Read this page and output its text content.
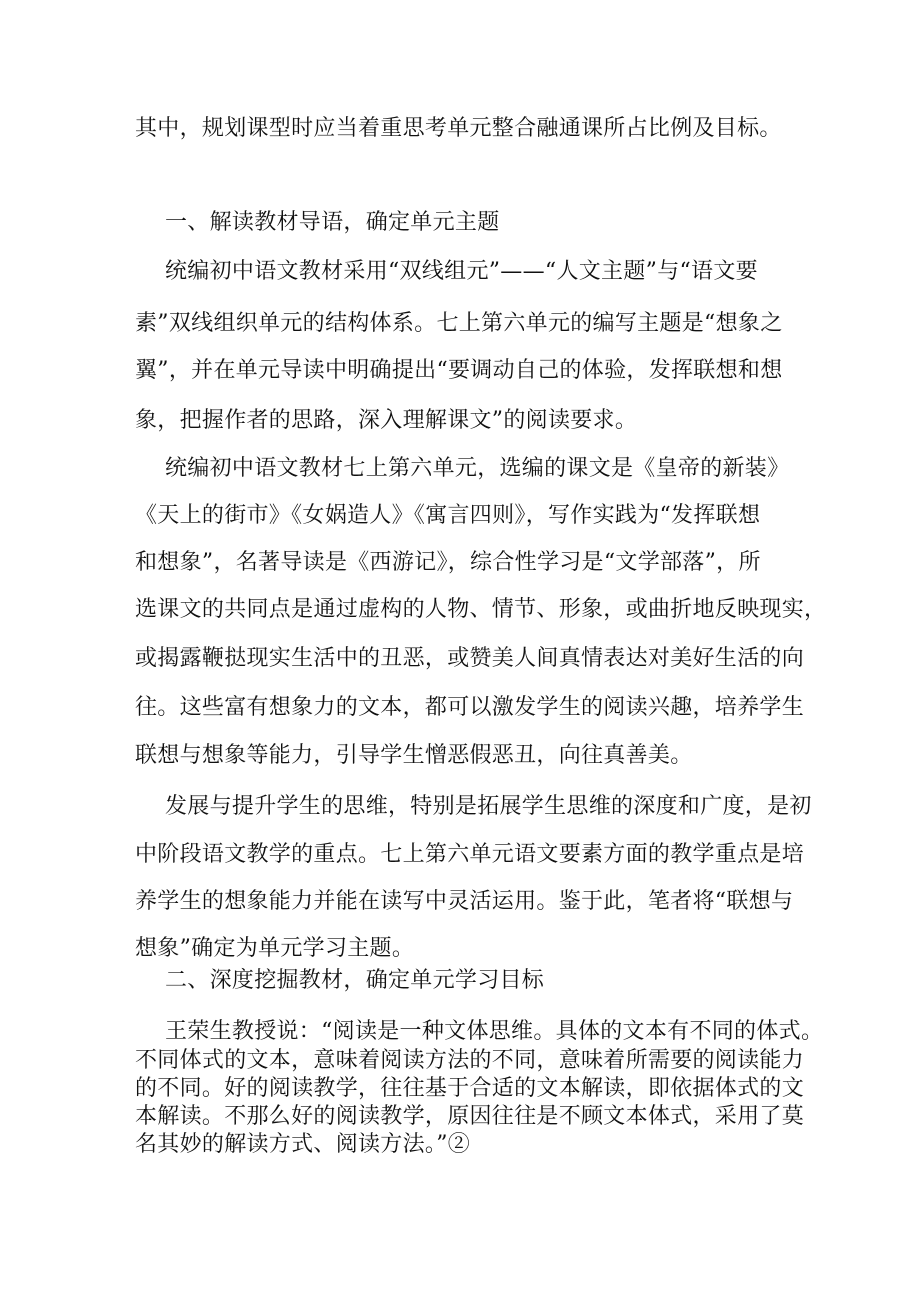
其中，规划课型时应当着重思考单元整合融通课所占比例及目标。
一、解读教材导语，确定单元主题
统编初中语文教材采用“双线组元”——“人文主题”与“语文要
素”双线组织单元的结构体系。七上第六单元的编写主题是“想象之
翼”，并在单元导读中明确提出“要调动自己的体验，发挥联想和想
象，把握作者的思路，深入理解课文”的阅读要求。
统编初中语文教材七上第六单元，选编的课文是《皇帝的新装》
《天上的街市》《女娲造人》《寓言四则》，写作实践为“发挥联想
和想象”，名著导读是《西游记》，综合性学习是“文学部落”，所
选课文的共同点是通过虚构的人物、情节、形象，或曲折地反映现实，
或揭露鞭挞现实生活中的丑恶，或赞美人间真情表达对美好生活的向
往。这些富有想象力的文本，都可以激发学生的阅读兴趣，培养学生
联想与想象等能力，引导学生憎恶假恶丑，向往真善美。
发展与提升学生的思维，特别是拓展学生思维的深度和广度，是初
中阶段语文教学的重点。七上第六单元语文要素方面的教学重点是培
养学生的想象能力并能在读写中灵活运用。鉴于此，笔者将“联想与
想象”确定为单元学习主题。
二、深度挖掘教材，确定单元学习目标
王荣生教授说：“阅读是一种文体思维。具体的文本有不同的体式。
不同体式的文本，意味着阅读方法的不同，意味着所需要的阅读能力
的不同。好的阅读教学，往往基于合适的文本解读，即依据体式的文
本解读。不那么好的阅读教学，原因往往是不顾文本体式，采用了莫
名其妙的解读方式、阅读方法。”②
